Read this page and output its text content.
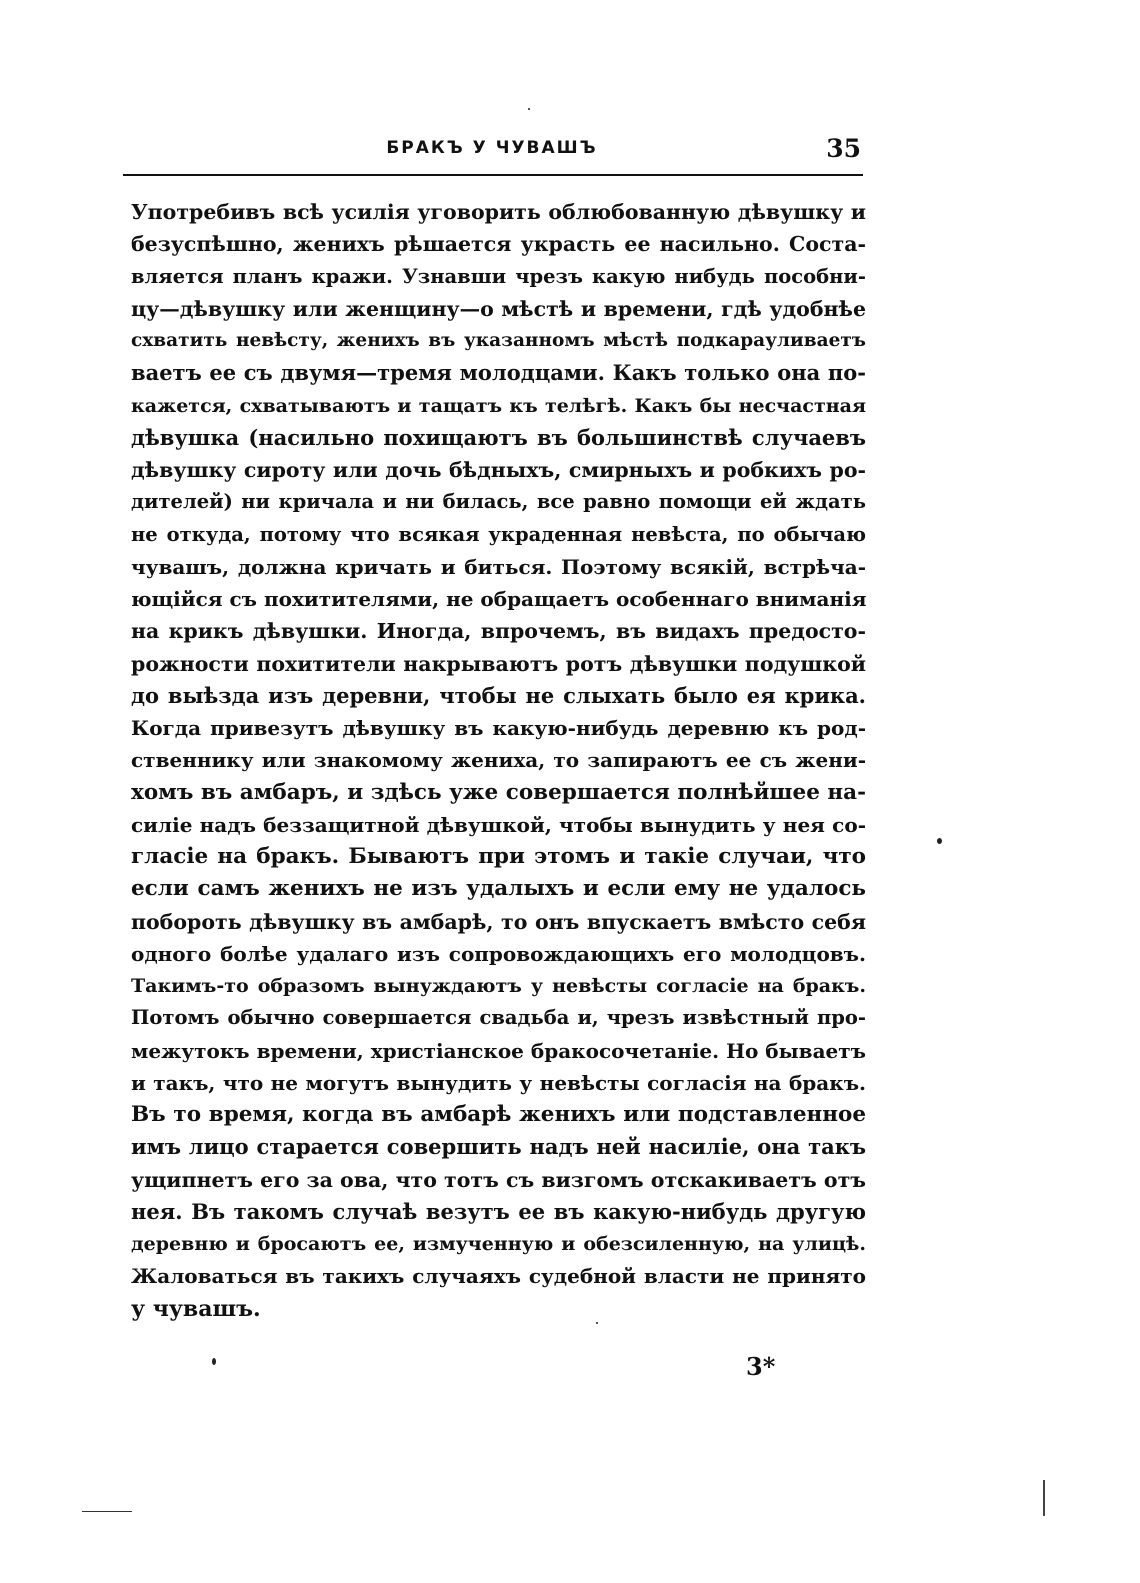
БРАКЪ У ЧУВАШЪ	35
Употребивъ всѣ усилія уговорить облюбованную дѣвушку и
безуспѣшно, женихъ рѣшается украсть ее насильно. Соста-
вляется планъ кражи. Узнавши чрезъ какую нибудь пособни-
цу—дѣвушку или женщину—о мѣстѣ и времени, гдѣ удобнѣе
схватить невѣсту, женихъ въ указанномъ мѣстѣ подкарауливаетъ
ваетъ ее съ двумя—тремя молодцами. Какъ только она по-
кажется, схватываютъ и тащатъ къ телѣгѣ. Какъ бы несчастная
дѣвушка (насильно похищаютъ въ большинствѣ случаевъ
дѣвушку сироту или дочь бѣдныхъ, смирныхъ и робкихъ ро-
дителей) ни кричала и ни билась, все равно помощи ей ждать
не откуда, потому что всякая украденная невѣста, по обычаю
чувашъ, должна кричать и биться. Поэтому всякій, встрѣча-
ющійся съ похитителями, не обращаетъ особеннаго вниманія
на крикъ дѣвушки. Иногда, впрочемъ, въ видахъ предосто-
рожности похитители накрываютъ ротъ дѣвушки подушкой
до выѣзда изъ деревни, чтобы не слыхать было ея крика.
Когда привезутъ дѣвушку въ какую-нибудь деревню къ род-
ственнику или знакомому жениха, то запираютъ ее съ жени-
хомъ въ амбаръ, и здѣсь уже совершается полнѣйшее на-
силіе надъ беззащитной дѣвушкой, чтобы вынудить у нея со-
гласіе на бракъ. Бываютъ при этомъ и такіе случаи, что
если самъ женихъ не изъ удалыхъ и если ему не удалось
побороть дѣвушку въ амбарѣ, то онъ впускаетъ вмѣсто себя
одного болѣе удалаго изъ сопровождающихъ его молодцовъ.
Такимъ-то образомъ вынуждаютъ у невѣсты согласіе на бракъ.
Потомъ обычно совершается свадьба и, чрезъ извѣстный про-
межутокъ времени, христіанское бракосочетаніе. Но бываетъ
и такъ, что не могутъ вынудить у невѣсты согласія на бракъ.
Въ то время, когда въ амбарѣ женихъ или подставленное
имъ лицо старается совершить надъ ней насиліе, она такъ
ущипнетъ его за ова, что тотъ съ визгомъ отскакиваетъ отъ
нея. Въ такомъ случаѣ везутъ ее въ какую-нибудь другую
деревню и бросаютъ ее, измученную и обезсиленную, на улицѣ.
Жаловаться въ такихъ случаяхъ судебной власти не принято
у чувашъ.
3*
